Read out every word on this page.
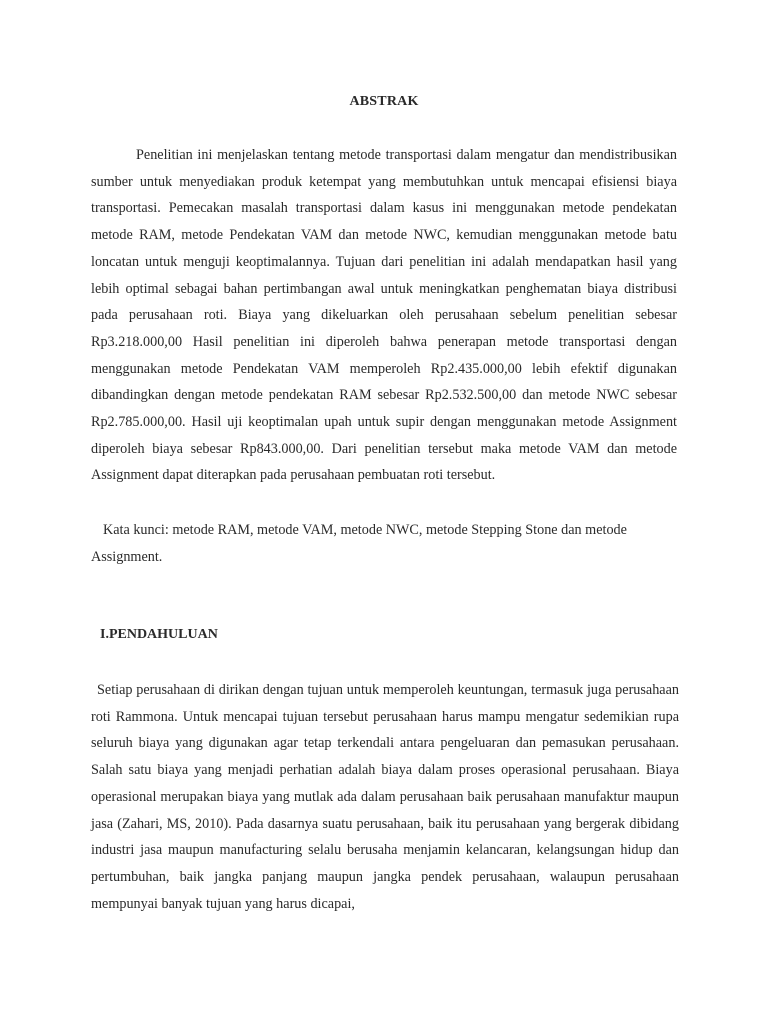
ABSTRAK

Penelitian ini menjelaskan tentang metode transportasi dalam mengatur dan mendistribusikan sumber untuk menyediakan produk ketempat yang membutuhkan untuk mencapai efisiensi biaya transportasi. Pemecakan masalah transportasi dalam kasus ini menggunakan metode pendekatan metode RAM, metode Pendekatan VAM dan metode NWC, kemudian menggunakan metode batu loncatan untuk menguji keoptimalannya. Tujuan dari penelitian ini adalah mendapatkan hasil yang lebih optimal sebagai bahan pertimbangan awal untuk meningkatkan penghematan biaya distribusi pada perusahaan roti. Biaya yang dikeluarkan oleh perusahaan sebelum penelitian sebesar Rp3.218.000,00 Hasil penelitian ini diperoleh bahwa penerapan metode transportasi dengan menggunakan metode Pendekatan VAM memperoleh Rp2.435.000,00 lebih efektif digunakan dibandingkan dengan metode pendekatan RAM sebesar Rp2.532.500,00 dan metode NWC sebesar Rp2.785.000,00. Hasil uji keoptimalan upah untuk supir dengan menggunakan metode Assignment diperoleh biaya sebesar Rp843.000,00. Dari penelitian tersebut maka metode VAM dan metode Assignment dapat diterapkan pada perusahaan pembuatan roti tersebut.

Kata kunci: metode RAM, metode VAM, metode NWC, metode Stepping Stone dan metode Assignment.

I.PENDAHULUAN

Setiap perusahaan di dirikan dengan tujuan untuk memperoleh keuntungan, termasuk juga perusahaan roti Rammona. Untuk mencapai tujuan tersebut perusahaan harus mampu mengatur sedemikian rupa seluruh biaya yang digunakan agar tetap terkendali antara pengeluaran dan pemasukan perusahaan. Salah satu biaya yang menjadi perhatian adalah biaya dalam proses operasional perusahaan. Biaya operasional merupakan biaya yang mutlak ada dalam perusahaan baik perusahaan manufaktur maupun jasa (Zahari, MS, 2010). Pada dasarnya suatu perusahaan, baik itu perusahaan yang bergerak dibidang industri jasa maupun manufacturing selalu berusaha menjamin kelancaran, kelangsungan hidup dan pertumbuhan, baik jangka panjang maupun jangka pendek perusahaan, walaupun perusahaan mempunyai banyak tujuan yang harus dicapai,
